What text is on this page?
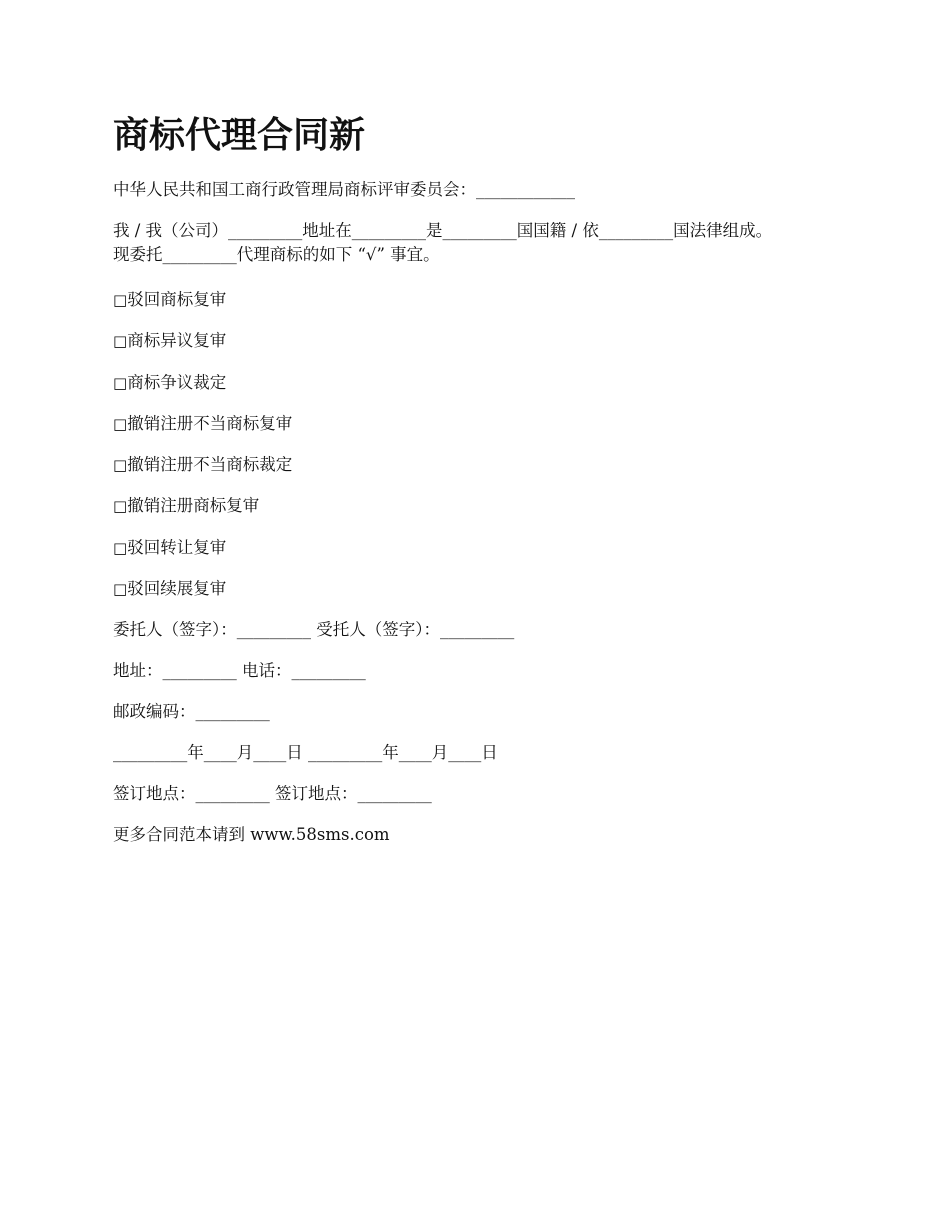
商标代理合同新
中华人民共和国工商行政管理局商标评审委员会：____________
我 / 我（公司）_________地址在_________是_________国国籍 / 依_________国法律组成。
现委托_________代理商标的如下 “√” 事宜。
□驳回商标复审
□商标异议复审
□商标争议裁定
□撤销注册不当商标复审
□撤销注册不当商标裁定
□撤销注册商标复审
□驳回转让复审
□驳回续展复审
委托人（签字）：_________ 受托人（签字）：_________
地址：_________ 电话：_________
邮政编码：_________
_________年____月____日 _________年____月____日
签订地点：_________ 签订地点：_________
更多合同范本请到 www.58sms.com
